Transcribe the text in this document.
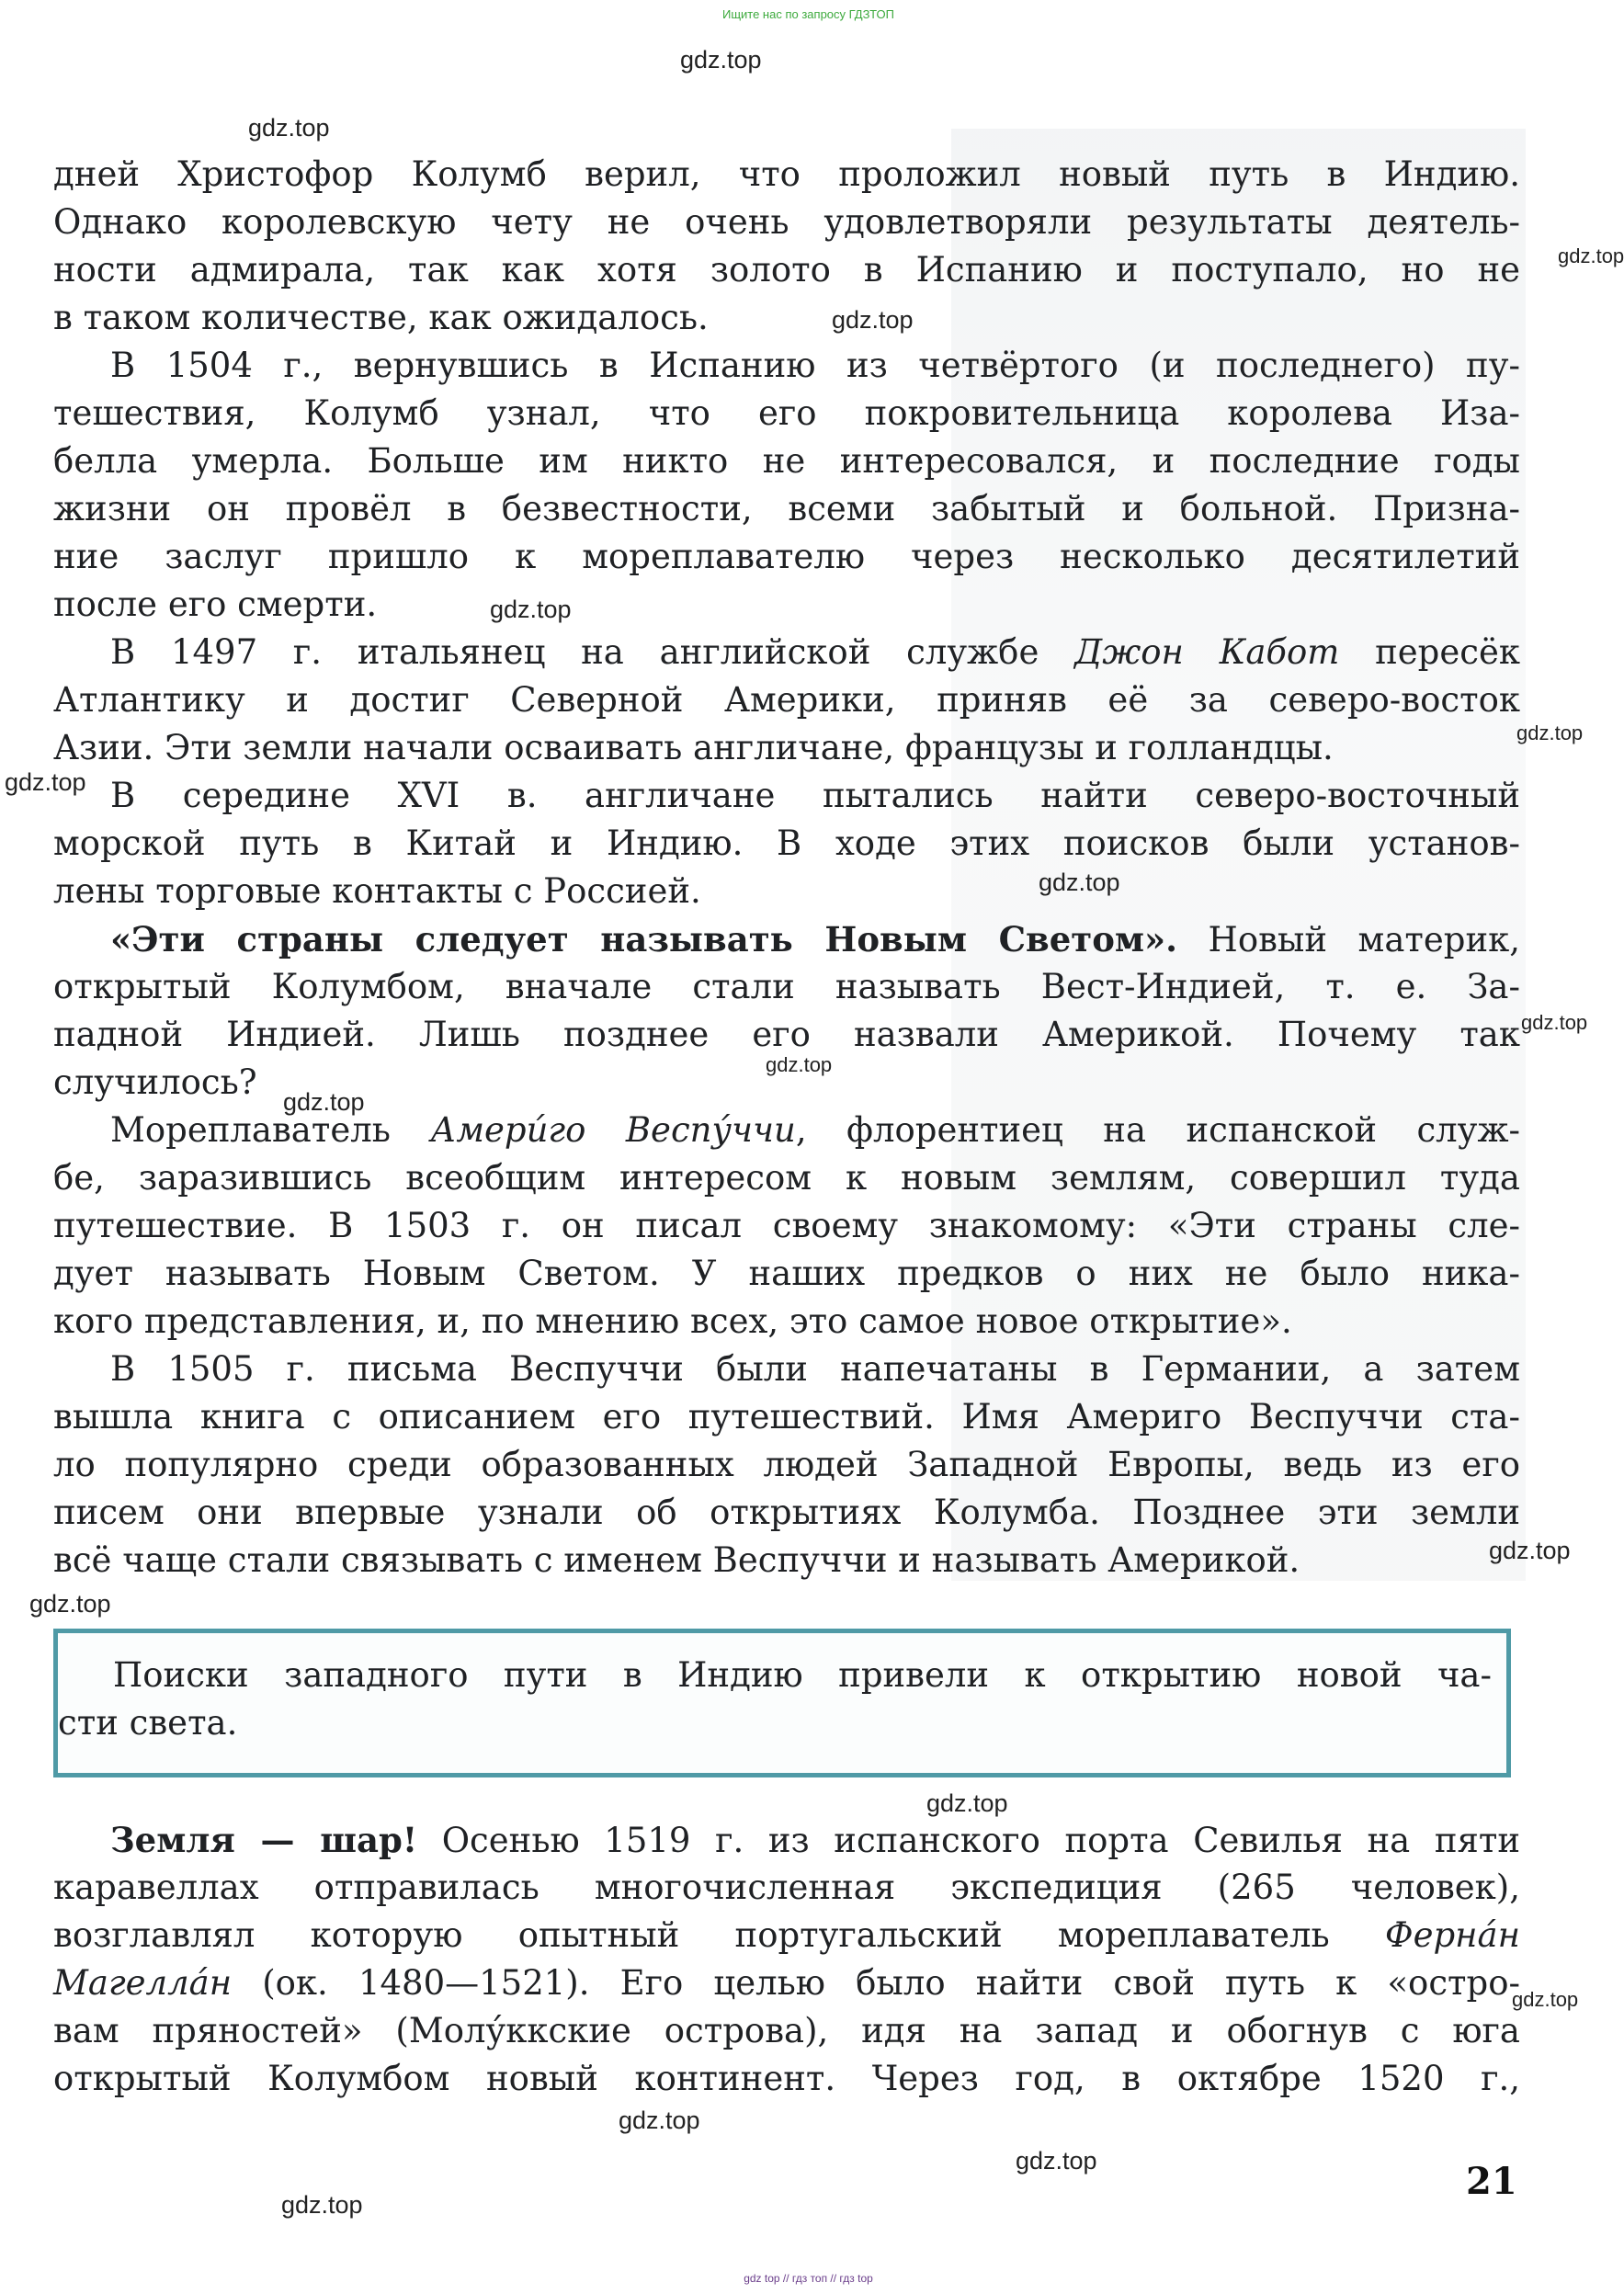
Ищите нас по запросу ГДЗТОП
gdz.top
gdz.top
gdz.top
gdz.top
gdz.top
gdz.top
gdz.top
gdz.top
gdz.top
gdz.top
gdz.top
gdz.top
gdz.top
gdz.top
gdz.top
gdz.top
gdz.top
gdz.top
дней Христофор Колумб верил, что проложил новый путь в Индию.
Однако королевскую чету не очень удовлетворяли результаты деятель-
ности адмирала, так как хотя золото в Испанию и поступало, но не
в таком количестве, как ожидалось.
В 1504 г., вернувшись в Испанию из четвёртого (и последнего) пу-
тешествия, Колумб узнал, что его покровительница королева Иза-
белла умерла. Больше им никто не интересовался, и последние годы
жизни он провёл в безвестности, всеми забытый и больной. Призна-
ние заслуг пришло к мореплавателю через несколько десятилетий
после его смерти.
В 1497 г. итальянец на английской службе Джон Кабот пересёк
Атлантику и достиг Северной Америки, приняв её за северо-восток
Азии. Эти земли начали осваивать англичане, французы и голландцы.
В середине XVI в. англичане пытались найти северо-восточный
морской путь в Китай и Индию. В ходе этих поисков были установ-
лены торговые контакты с Россией.
«Эти страны следует называть Новым Светом». Новый материк,
открытый Колумбом, вначале стали называть Вест-Индией, т. е. За-
падной Индией. Лишь позднее его назвали Америкой. Почему так
случилось?
Мореплаватель Амери́го Веспу́ччи, флорентиец на испанской служ-
бе, заразившись всеобщим интересом к новым землям, совершил туда
путешествие. В 1503 г. он писал своему знакомому: «Эти страны сле-
дует называть Новым Светом. У наших предков о них не было ника-
кого представления, и, по мнению всех, это самое новое открытие».
В 1505 г. письма Веспуччи были напечатаны в Германии, а затем
вышла книга с описанием его путешествий. Имя Америго Веспуччи ста-
ло популярно среди образованных людей Западной Европы, ведь из его
писем они впервые узнали об открытиях Колумба. Позднее эти земли
всё чаще стали связывать с именем Веспуччи и называть Америкой.
Поиски западного пути в Индию привели к открытию новой ча-
сти света.
Земля — шар! Осенью 1519 г. из испанского порта Севилья на пяти
каравеллах отправилась многочисленная экспедиция (265 человек),
возглавлял которую опытный португальский мореплаватель Ферна́н
Магелла́н (ок. 1480—1521). Его целью было найти свой путь к «остро-
вам пряностей» (Молу́ккские острова), идя на запад и обогнув с юга
открытый Колумбом новый континент. Через год, в октябре 1520 г.,
21
gdz top // гдз топ // гдз top
